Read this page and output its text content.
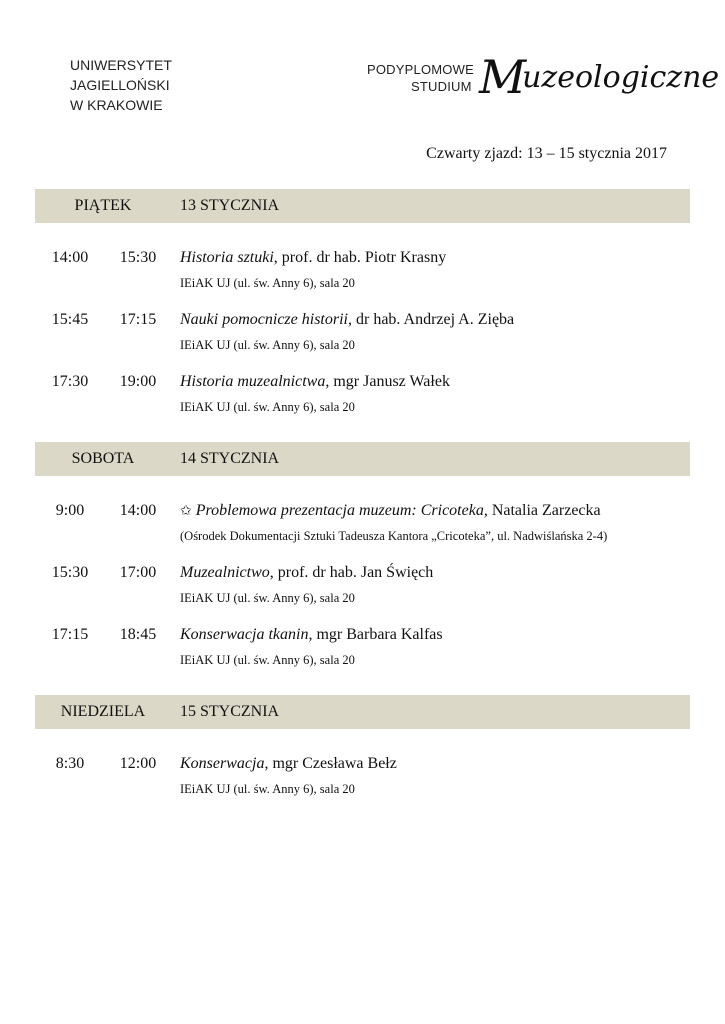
UNIWERSYTET
JAGIELLOŃSKI
W KRAKOWIE
PODYPLOMOWE
STUDIUM Muzeologiczne
Czwarty zjazd: 13 – 15 stycznia 2017
PIĄTEK	13 STYCZNIA
14:00	15:30	Historia sztuki, prof. dr hab. Piotr Krasny
IEiAK UJ (ul. św. Anny 6), sala 20
15:45	17:15	Nauki pomocnicze historii, dr hab. Andrzej A. Zięba
IEiAK UJ (ul. św. Anny 6), sala 20
17:30	19:00	Historia muzealnictwa, mgr Janusz Wałek
IEiAK UJ (ul. św. Anny 6), sala 20
SOBOTA	14 STYCZNIA
9:00	14:00	✩ Problemowa prezentacja muzeum: Cricoteka, Natalia Zarzecka
(Ośrodek Dokumentacji Sztuki Tadeusza Kantora „Cricoteka”, ul. Nadwiślańska 2-4)
15:30	17:00	Muzealnictwo, prof. dr hab. Jan Święch
IEiAK UJ (ul. św. Anny 6), sala 20
17:15	18:45	Konserwacja tkanin, mgr Barbara Kalfas
IEiAK UJ (ul. św. Anny 6), sala 20
NIEDZIELA	15 STYCZNIA
8:30	12:00	Konserwacja, mgr Czesława Bełz
IEiAK UJ (ul. św. Anny 6), sala 20
